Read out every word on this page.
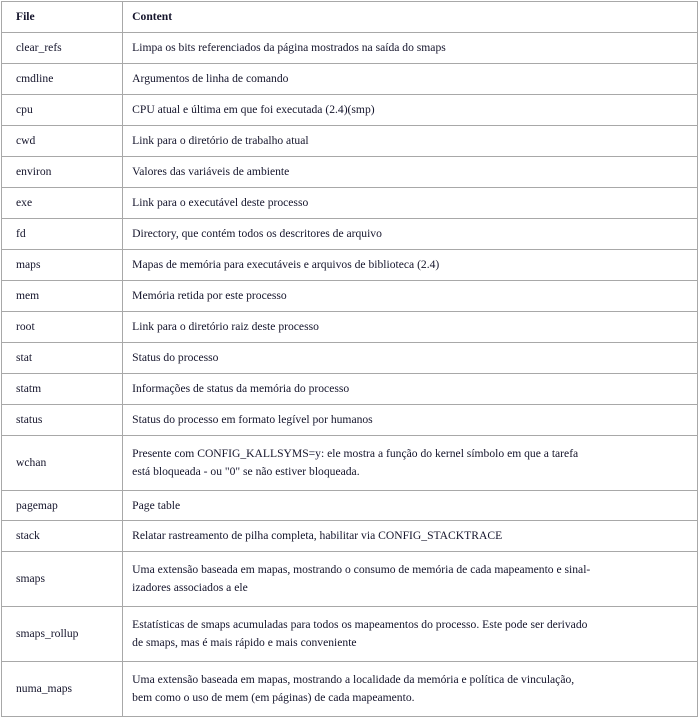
File	Content
clear_refs	Limpa os bits referenciados da página mostrados na saída do smaps

cmdline	Argumentos de linha de comando

cpu	CPU atual e última em que foi executada (2.4)(smp)

cwd	Link para o diretório de trabalho atual

environ	Valores das variáveis de ambiente

exe	Link para o executável deste processo

fd	Directory, que contém todos os descritores de arquivo

maps	Mapas de memória para executáveis e arquivos de biblioteca (2.4)

mem	Memória retida por este processo

root	Link para o diretório raiz deste processo

stat	Status do processo

statm	Informações de status da memória do processo

status	Status do processo em formato legível por humanos

wchan	Presente com CONFIG_KALLSYMS=y: ele mostra a função do kernel símbolo em que a tarefa
está bloqueada - ou "0" se não estiver bloqueada.

pagemap	Page table

stack	Relatar rastreamento de pilha completa, habilitar via CONFIG_STACKTRACE

smaps	Uma extensão baseada em mapas, mostrando o consumo de memória de cada mapeamento e sinal-
izadores associados a ele

smaps_rollup	Estatísticas de smaps acumuladas para todos os mapeamentos do processo. Este pode ser derivado
de smaps, mas é mais rápido e mais conveniente

numa_maps	Uma extensão baseada em mapas, mostrando a localidade da memória e política de vinculação,
bem como o uso de mem (em páginas) de cada mapeamento.
